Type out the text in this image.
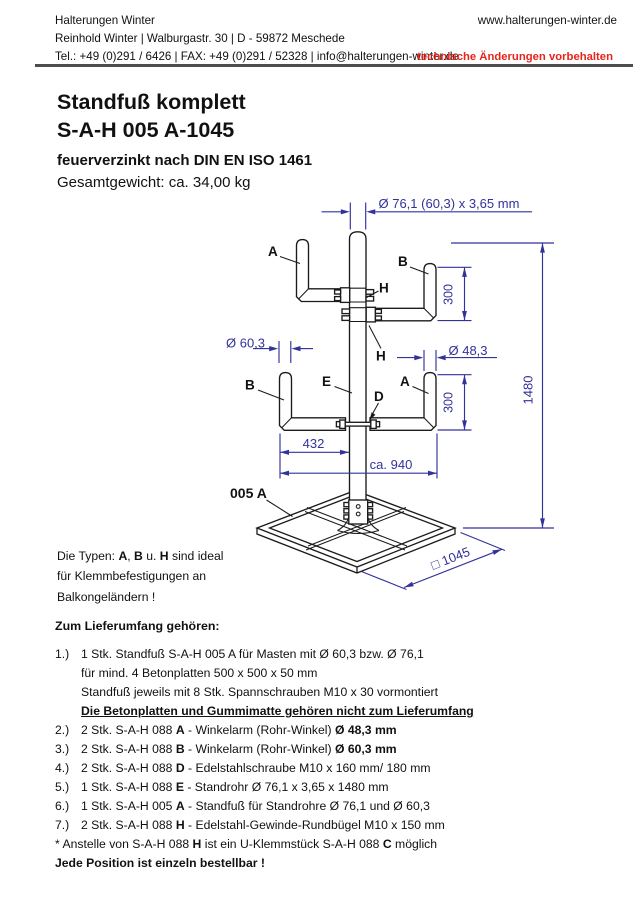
Halterungen Winter	www.halterungen-winter.de
Reinhold Winter | Walburgastr. 30 | D - 59872 Meschede
Tel.: +49 (0)291 / 6426 | FAX: +49 (0)291 / 52328 | info@halterungen-winter.de
technische Änderungen vorbehalten
Standfuß komplett
S-A-H 005 A-1045
feuerverzinkt nach DIN EN ISO 1461
Gesamtgewicht: ca. 34,00 kg
Ø 76,1 (60,3) x 3,65 mm
1480
300
300
Ø 60,3
Ø 48,3
432
ca. 940
□ 1045
A
B
H
H
B	E
D
A
005 A
Die Typen: A, B u. H sind ideal
für Klemmbefestigungen an
Balkongeländern !
Zum Lieferumfang gehören:
1.) 1 Stk. Standfuß S-A-H 005 A für Masten mit Ø 60,3 bzw. Ø 76,1
für mind. 4 Betonplatten 500 x 500 x 50 mm
Standfuß jeweils mit 8 Stk. Spannschrauben M10 x 30 vormontiert
Die Betonplatten und Gummimatte gehören nicht zum Lieferumfang
2.) 2 Stk. S-A-H 088 A - Winkelarm (Rohr-Winkel) Ø 48,3 mm
3.) 2 Stk. S-A-H 088 B - Winkelarm (Rohr-Winkel) Ø 60,3 mm
4.) 2 Stk. S-A-H 088 D - Edelstahlschraube M10 x 160 mm/ 180 mm
5.) 1 Stk. S-A-H 088 E - Standrohr Ø 76,1 x 3,65 x 1480 mm
6.) 1 Stk. S-A-H 005 A - Standfuß für Standrohre Ø 76,1 und Ø 60,3
7.) 2 Stk. S-A-H 088 H - Edelstahl-Gewinde-Rundbügel M10 x 150 mm
* Anstelle von S-A-H 088 H ist ein U-Klemmstück S-A-H 088 C möglich
Jede Position ist einzeln bestellbar !
